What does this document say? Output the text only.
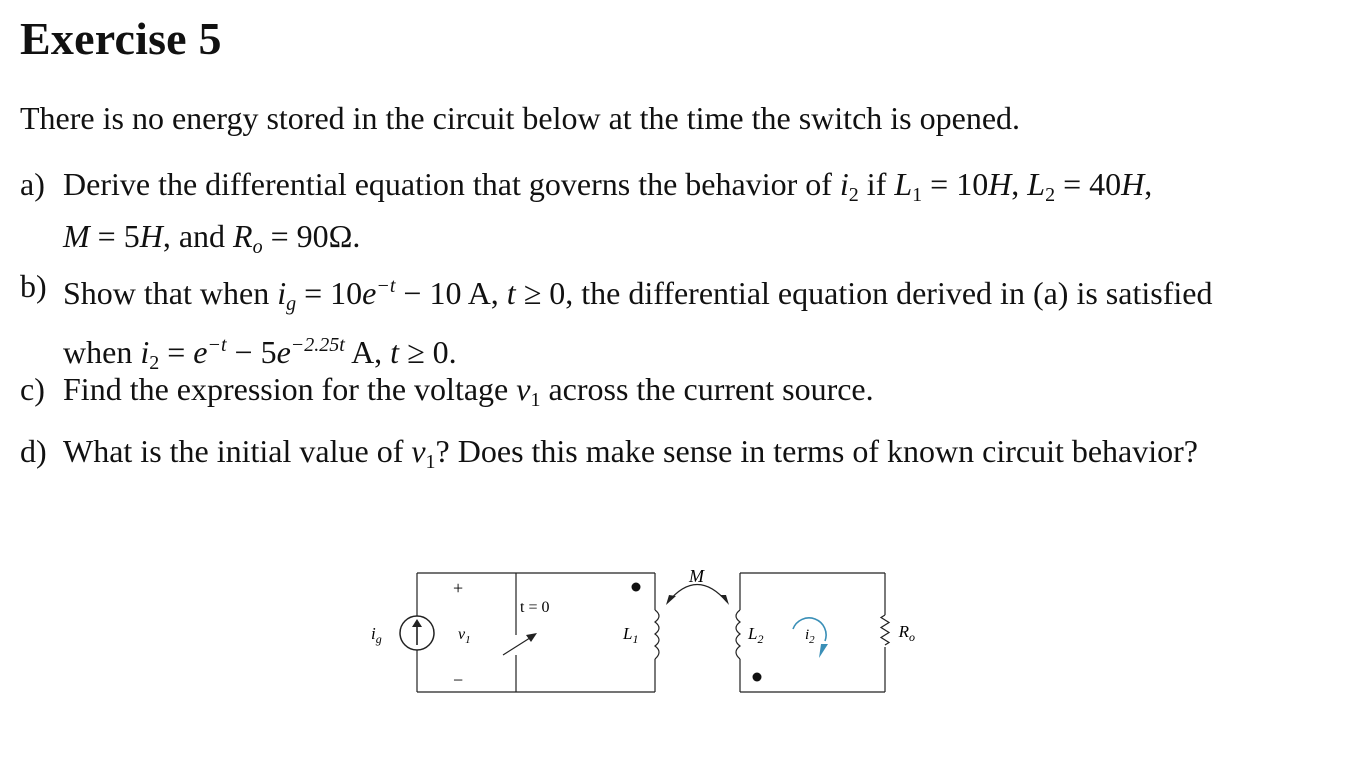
Exercise 5
There is no energy stored in the circuit below at the time the switch is opened.
a) Derive the differential equation that governs the behavior of $i_2$ if $L_1 = 10H$, $L_2 = 40H$,
M = 5H, and $R_o = 90\Omega$.
b) Show that when $i_g = 10e^{-t} - 10$ A, t ≥ 0, the differential equation derived in (a) is satisfied
when $i_2 = e^{-t} - 5e^{-2.25t}$ A, t ≥ 0.
c) Find the expression for the voltage $v_1$ across the current source.
d) What is the initial value of $v_1$? Does this make sense in terms of known circuit behavior?
$i_g$
+
−
$v_1$
t = 0
$L_1$
M
$L_2$	$i_2$	$R_o$
